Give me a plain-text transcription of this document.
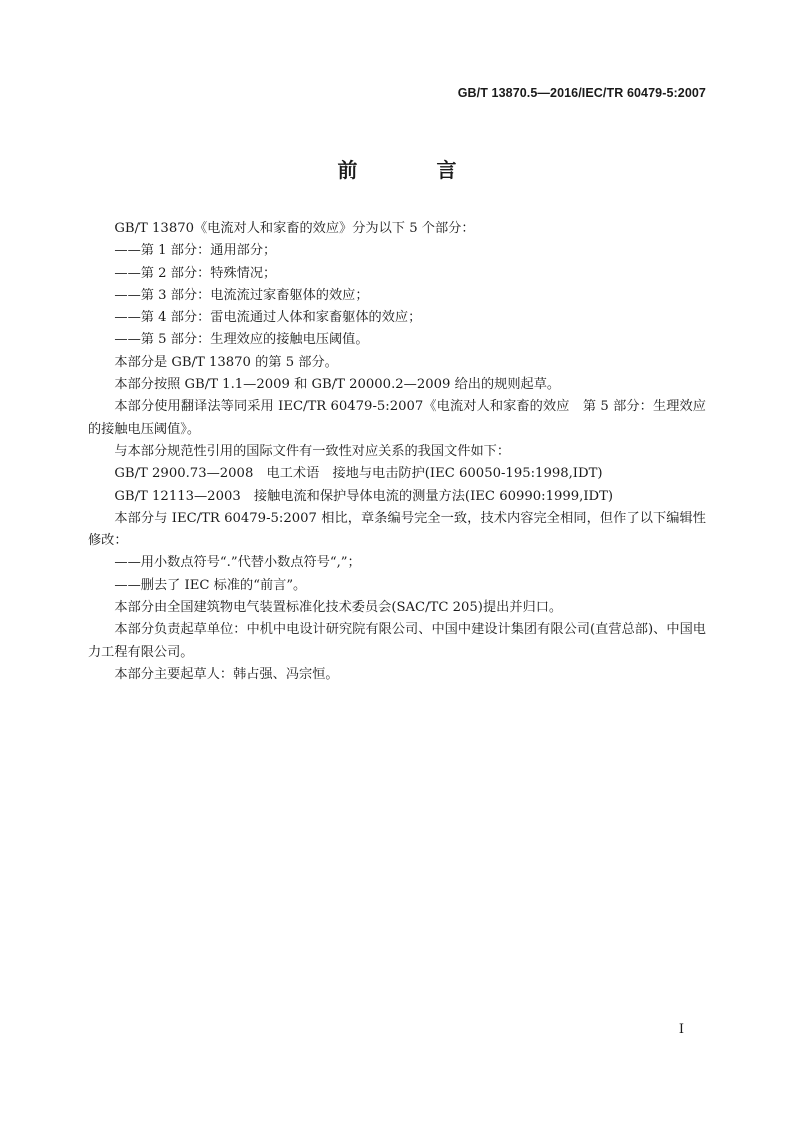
GB/T 13870.5—2016/IEC/TR 60479-5:2007
前 言

GB/T 13870《电流对人和家畜的效应》分为以下 5 个部分：

——第 1 部分：通用部分；

——第 2 部分：特殊情况；

——第 3 部分：电流流过家畜躯体的效应；

——第 4 部分：雷电流通过人体和家畜躯体的效应；

——第 5 部分：生理效应的接触电压阈值。

本部分是 GB/T 13870 的第 5 部分。

本部分按照 GB/T 1.1—2009 和 GB/T 20000.2—2009 给出的规则起草。

本部分使用翻译法等同采用 IEC/TR 60479-5:2007《电流对人和家畜的效应　第 5 部分：生理效应的接触电压阈值》。

与本部分规范性引用的国际文件有一致性对应关系的我国文件如下：

GB/T 2900.73—2008　电工术语　接地与电击防护(IEC 60050-195:1998,IDT)

GB/T 12113—2003　接触电流和保护导体电流的测量方法(IEC 60990:1999,IDT)

本部分与 IEC/TR 60479-5:2007 相比，章条编号完全一致，技术内容完全相同，但作了以下编辑性修改：

——用小数点符号“.”代替小数点符号“,”；

——删去了 IEC 标准的“前言”。

本部分由全国建筑物电气装置标准化技术委员会(SAC/TC 205)提出并归口。

本部分负责起草单位：中机中电设计研究院有限公司、中国中建设计集团有限公司(直营总部)、中国电力工程有限公司。

本部分主要起草人：韩占强、冯宗恒。

I
